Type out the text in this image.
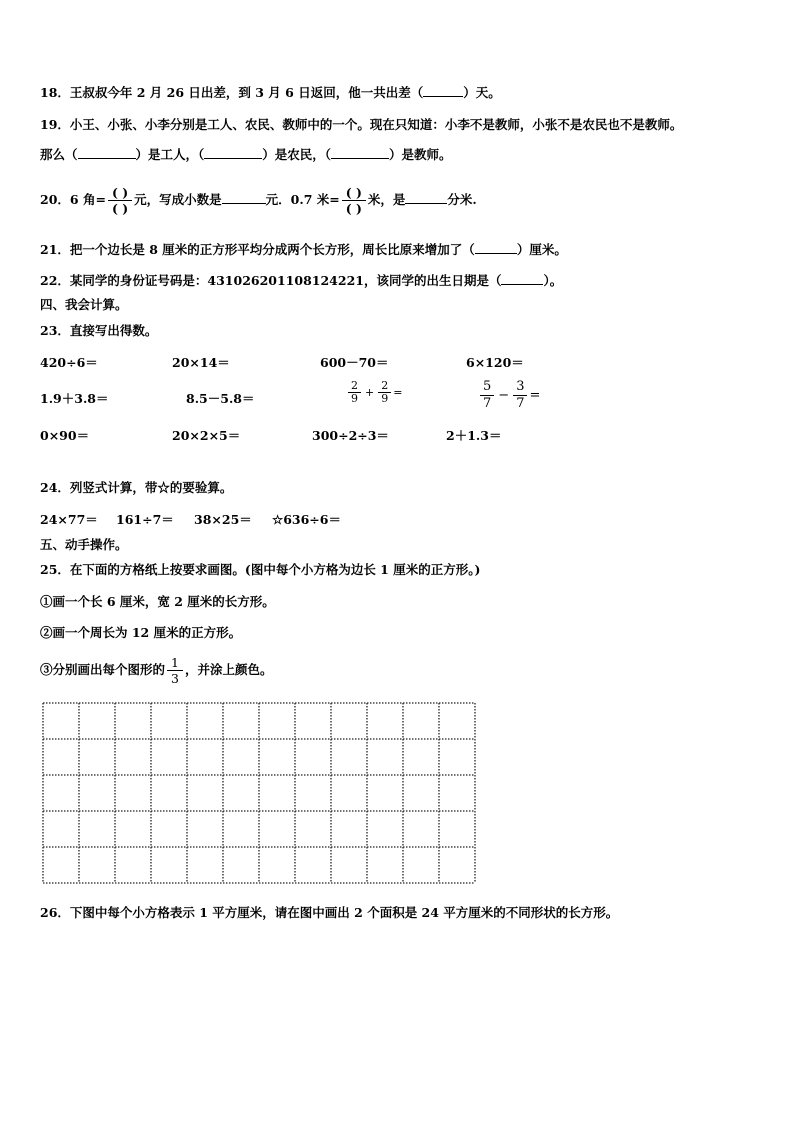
18．王叔叔今年 2 月 26 日出差，到 3 月 6 日返回，他一共出差（	）天。
19．小王、小张、小李分别是工人、农民、教师中的一个。现在只知道：小李不是教师，小张不是农民也不是教师。
那么（	）是工人，（	）是农民，（	）是教师。
20．6 角= $\frac{( )}{( )}$ 元，写成小数是	元．0.7 米= $\frac{( )}{( )}$ 米，是	分米.
21．把一个边长是 8 厘米的正方形平均分成两个长方形，周长比原来增加了（	）厘米。
22．某同学的身份证号码是：431026201108124221，该同学的出生日期是（	）。
四、我会计算。
23．直接写出得数。
420÷6＝	20×14＝	600－70＝	6×120＝
1.9＋3.8＝	8.5－5.8＝	$\frac{2}{9} + \frac{2}{9}$ =	$\frac{5}{7} - \frac{3}{7}$ =
0×90＝	20×2×5＝	300÷2÷3＝	2＋1.3＝
24．列竖式计算，带☆的要验算。
24×77＝ 161÷7＝ 38×25＝ ☆636÷6＝
五、动手操作。
25．在下面的方格纸上按要求画图。(图中每个小方格为边长 1 厘米的正方形。)
①画一个长 6 厘米，宽 2 厘米的长方形。
②画一个周长为 12 厘米的正方形。
③分别画出每个图形的 $\frac{1}{3}$ ，并涂上颜色。
26．下图中每个小方格表示 1 平方厘米，请在图中画出 2 个面积是 24 平方厘米的不同形状的长方形。
